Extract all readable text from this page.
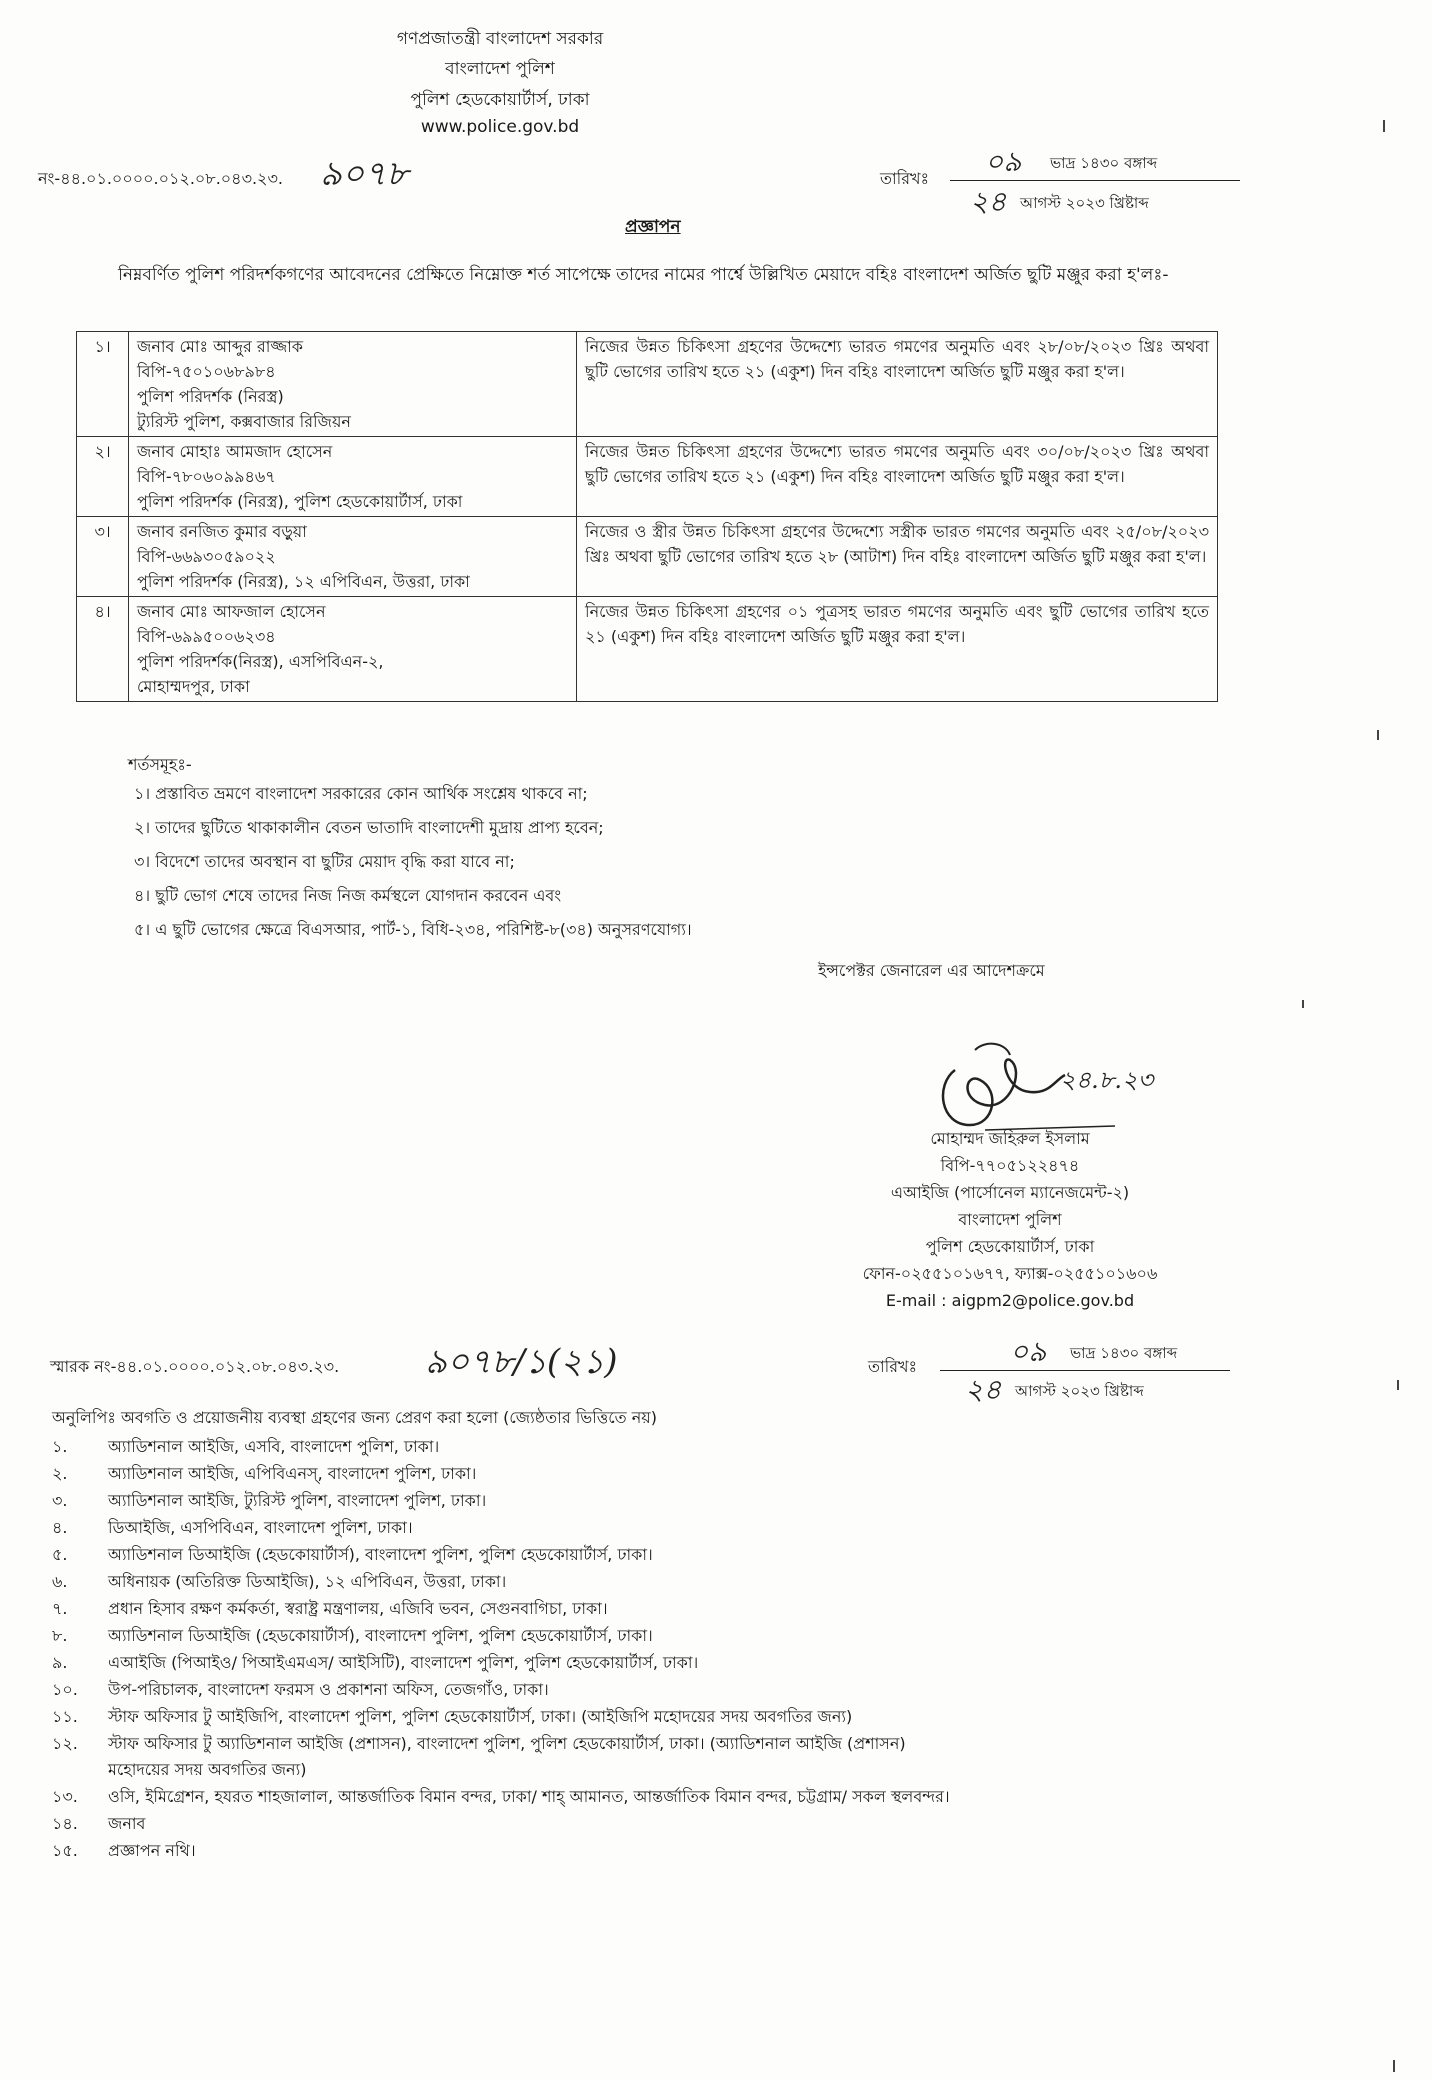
গণপ্রজাতন্ত্রী বাংলাদেশ সরকার
বাংলাদেশ পুলিশ
পুলিশ হেডকোয়ার্টার্স, ঢাকা
www.police.gov.bd
নং-৪৪.০১.০০০০.০১২.০৮.০৪৩.২৩. ৯০৭৮	তারিখঃ
০৯ ভাদ্র ১৪৩০ বঙ্গাব্দ
২৪ আগস্ট ২০২৩ খ্রিষ্টাব্দ
প্রজ্ঞাপন
নিম্নবর্ণিত পুলিশ পরিদর্শকগণের আবেদনের প্রেক্ষিতে নিম্নোক্ত শর্ত সাপেক্ষে তাদের নামের পার্শ্বে উল্লিখিত মেয়াদে বহিঃ বাংলাদেশ অর্জিত ছুটি মঞ্জুর করা হ'লঃ-
১।	জনাব মোঃ আব্দুর রাজ্জাক
বিপি-৭৫০১০৬৮৯৮৪
পুলিশ পরিদর্শক (নিরস্ত্র)
ট্যুরিস্ট পুলিশ, কক্সবাজার রিজিয়ন	নিজের উন্নত চিকিৎসা গ্রহণের উদ্দেশ্যে ভারত গমণের অনুমতি এবং ২৮/০৮/২০২৩ খ্রিঃ অথবা ছুটি ভোগের তারিখ হতে ২১ (একুশ) দিন বহিঃ বাংলাদেশ অর্জিত ছুটি মঞ্জুর করা হ'ল।
২।	জনাব মোহাঃ আমজাদ হোসেন
বিপি-৭৮০৬০৯৯৪৬৭
পুলিশ পরিদর্শক (নিরস্ত্র), পুলিশ হেডকোয়ার্টার্স, ঢাকা	নিজের উন্নত চিকিৎসা গ্রহণের উদ্দেশ্যে ভারত গমণের অনুমতি এবং ৩০/০৮/২০২৩ খ্রিঃ অথবা ছুটি ভোগের তারিখ হতে ২১ (একুশ) দিন বহিঃ বাংলাদেশ অর্জিত ছুটি মঞ্জুর করা হ'ল।
৩।	জনাব রনজিত কুমার বড়ুয়া
বিপি-৬৬৯৩০৫৯০২২
পুলিশ পরিদর্শক (নিরস্ত্র), ১২ এপিবিএন, উত্তরা, ঢাকা	নিজের ও স্ত্রীর উন্নত চিকিৎসা গ্রহণের উদ্দেশ্যে সস্ত্রীক ভারত গমণের অনুমতি এবং ২৫/০৮/২০২৩ খ্রিঃ অথবা ছুটি ভোগের তারিখ হতে ২৮ (আটাশ) দিন বহিঃ বাংলাদেশ অর্জিত ছুটি মঞ্জুর করা হ'ল।
৪।	জনাব মোঃ আফজাল হোসেন
বিপি-৬৯৯৫০০৬২৩৪
পুলিশ পরিদর্শক(নিরস্ত্র), এসপিবিএন-২,
মোহাম্মদপুর, ঢাকা	নিজের উন্নত চিকিৎসা গ্রহণের ০১ পুত্রসহ ভারত গমণের অনুমতি এবং ছুটি ভোগের তারিখ হতে ২১ (একুশ) দিন বহিঃ বাংলাদেশ অর্জিত ছুটি মঞ্জুর করা হ'ল।
শর্তসমূহঃ-
১। প্রস্তাবিত ভ্রমণে বাংলাদেশ সরকারের কোন আর্থিক সংশ্লেষ থাকবে না;
২। তাদের ছুটিতে থাকাকালীন বেতন ভাতাদি বাংলাদেশী মুদ্রায় প্রাপ্য হবেন;
৩। বিদেশে তাদের অবস্থান বা ছুটির মেয়াদ বৃদ্ধি করা যাবে না;
৪। ছুটি ভোগ শেষে তাদের নিজ নিজ কর্মস্থলে যোগদান করবেন এবং
৫। এ ছুটি ভোগের ক্ষেত্রে বিএসআর, পার্ট-১, বিধি-২৩৪, পরিশিষ্ট-৮(৩৪) অনুসরণযোগ্য।
ইন্সপেক্টর জেনারেল এর আদেশক্রমে
২৪.৮.২৩
মোহাম্মদ জহিরুল ইসলাম
বিপি-৭৭০৫১২২৪৭৪
এআইজি (পার্সোনেল ম্যানেজমেন্ট-২)
বাংলাদেশ পুলিশ
পুলিশ হেডকোয়ার্টার্স, ঢাকা
ফোন-০২৫৫১০১৬৭৭, ফ্যাক্স-০২৫৫১০১৬০৬
E-mail : aigpm2@police.gov.bd
স্মারক নং-৪৪.০১.০০০০.০১২.০৮.০৪৩.২৩.	৯০৭৮/১(২১)	তারিখঃ	০৯ ভাদ্র ১৪৩০ বঙ্গাব্দ
২৪ আগস্ট ২০২৩ খ্রিষ্টাব্দ
অনুলিপিঃ অবগতি ও প্রয়োজনীয় ব্যবস্থা গ্রহণের জন্য প্রেরণ করা হলো (জ্যেষ্ঠতার ভিত্তিতে নয়)
১.	অ্যাডিশনাল আইজি, এসবি, বাংলাদেশ পুলিশ, ঢাকা।
২.	অ্যাডিশনাল আইজি, এপিবিএনস্, বাংলাদেশ পুলিশ, ঢাকা।
৩.	অ্যাডিশনাল আইজি, ট্যুরিস্ট পুলিশ, বাংলাদেশ পুলিশ, ঢাকা।
৪.	ডিআইজি, এসপিবিএন, বাংলাদেশ পুলিশ, ঢাকা।
৫.	অ্যাডিশনাল ডিআইজি (হেডকোয়ার্টার্স), বাংলাদেশ পুলিশ, পুলিশ হেডকোয়ার্টার্স, ঢাকা।
৬.	অধিনায়ক (অতিরিক্ত ডিআইজি), ১২ এপিবিএন, উত্তরা, ঢাকা।
৭.	প্রধান হিসাব রক্ষণ কর্মকর্তা, স্বরাষ্ট্র মন্ত্রণালয়, এজিবি ভবন, সেগুনবাগিচা, ঢাকা।
৮.	অ্যাডিশনাল ডিআইজি (হেডকোয়ার্টার্স), বাংলাদেশ পুলিশ, পুলিশ হেডকোয়ার্টার্স, ঢাকা।
৯.	এআইজি (পিআইও/ পিআইএমএস/ আইসিটি), বাংলাদেশ পুলিশ, পুলিশ হেডকোয়ার্টার্স, ঢাকা।
১০.	উপ-পরিচালক, বাংলাদেশ ফরমস ও প্রকাশনা অফিস, তেজগাঁও, ঢাকা।
১১.	স্টাফ অফিসার টু আইজিপি, বাংলাদেশ পুলিশ, পুলিশ হেডকোয়ার্টার্স, ঢাকা। (আইজিপি মহোদয়ের সদয় অবগতির জন্য)
১২.	স্টাফ অফিসার টু অ্যাডিশনাল আইজি (প্রশাসন), বাংলাদেশ পুলিশ, পুলিশ হেডকোয়ার্টার্স, ঢাকা। (অ্যাডিশনাল আইজি (প্রশাসন)
মহোদয়ের সদয় অবগতির জন্য)
১৩.	ওসি, ইমিগ্রেশন, হযরত শাহজালাল, আন্তর্জাতিক বিমান বন্দর, ঢাকা/ শাহ্ আমানত, আন্তর্জাতিক বিমান বন্দর, চট্টগ্রাম/ সকল স্থলবন্দর।
১৪.	জনাব
১৫.	প্রজ্ঞাপন নথি।
